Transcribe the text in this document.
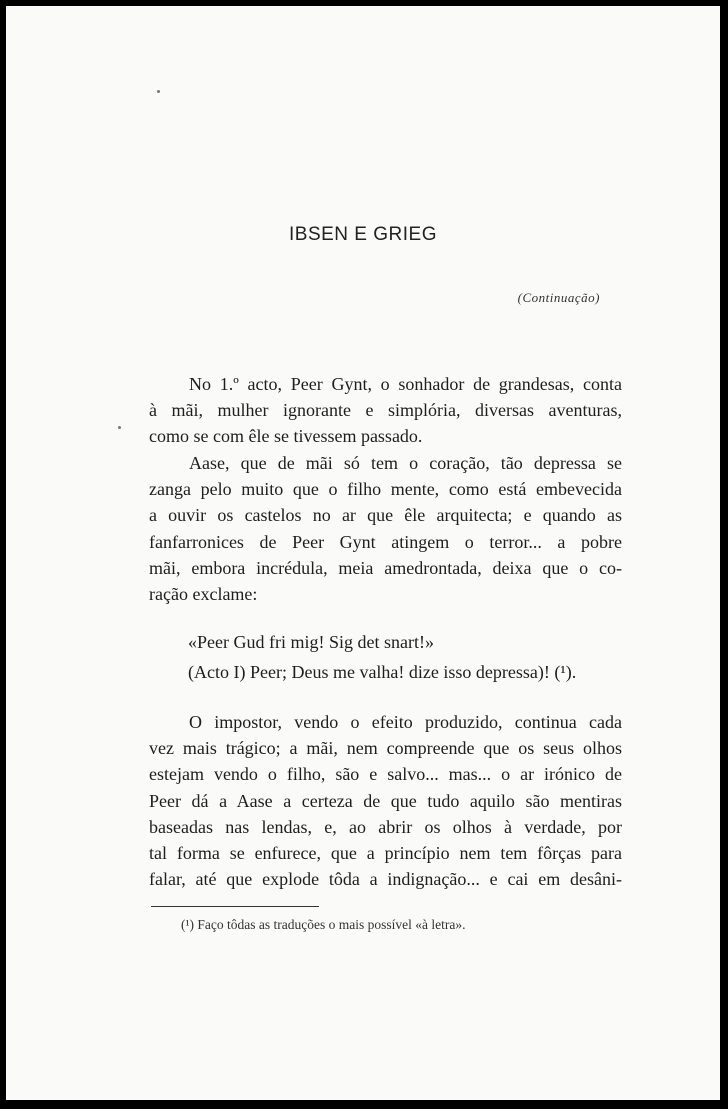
IBSEN E GRIEG
(Continuação)
No 1.º acto, Peer Gynt, o sonhador de grandesas, conta
à mãi, mulher ignorante e simplória, diversas aventuras,
como se com êle se tivessem passado.
Aase, que de mãi só tem o coração, tão depressa se
zanga pelo muito que o filho mente, como está embevecida
a ouvir os castelos no ar que êle arquitecta; e quando as
fanfarronices de Peer Gynt atingem o terror... a pobre
mãi, embora incrédula, meia amedrontada, deixa que o co-
ração exclame:

«Peer Gud fri mig! Sig det snart!»

(Acto I) Peer; Deus me valha! dize isso depressa)! (¹).

O impostor, vendo o efeito produzido, continua cada
vez mais trágico; a mãi, nem compreende que os seus olhos
estejam vendo o filho, são e salvo... mas... o ar irónico de
Peer dá a Aase a certeza de que tudo aquilo são mentiras
baseadas nas lendas, e, ao abrir os olhos à verdade, por
tal forma se enfurece, que a princípio nem tem fôrças para
falar, até que explode tôda a indignação... e cai em desâni-
(¹) Faço tôdas as traduções o mais possível «à letra».
